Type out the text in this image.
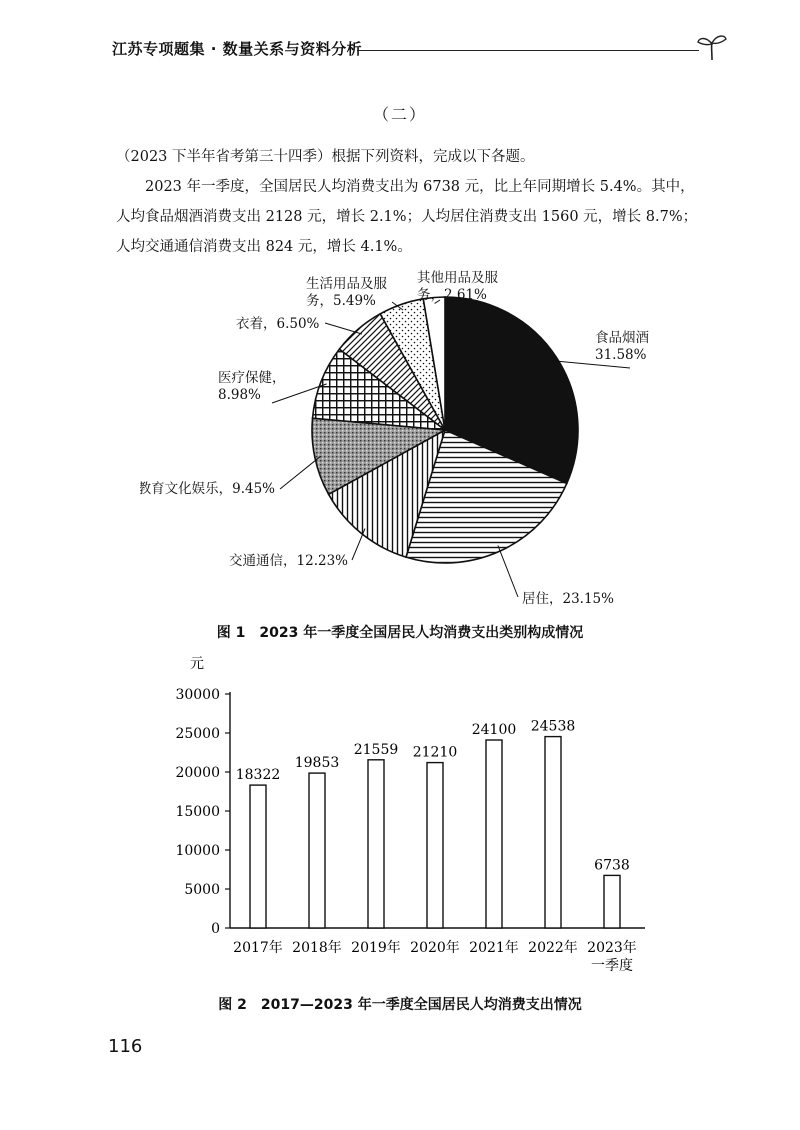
江苏专项题集 · 数量关系与资料分析
（二）
（2023 下半年省考第三十四季）根据下列资料，完成以下各题。
2023 年一季度，全国居民人均消费支出为 6738 元，比上年同期增长 5.4%。其中，人均食品烟酒消费支出 2128 元，增长 2.1%；人均居住消费支出 1560 元，增长 8.7%；人均交通通信消费支出 824 元，增长 4.1%。
食品烟酒 31.58%
居住，23.15%
交通通信，12.23%
教育文化娱乐，9.45%
医疗保健， 8.98%
衣着，6.50%
生活用品及服务，5.49%
其他用品及服务，2.61%
图 1　2023 年一季度全国居民人均消费支出类别构成情况
元
0
5000
10000
15000
20000
25000
30000
18322
2017年
19853
2018年
21559
2019年
21210
2020年
24100
2021年
24538
2022年
6738
2023年一季度
图 2　2017—2023 年一季度全国居民人均消费支出情况
116
